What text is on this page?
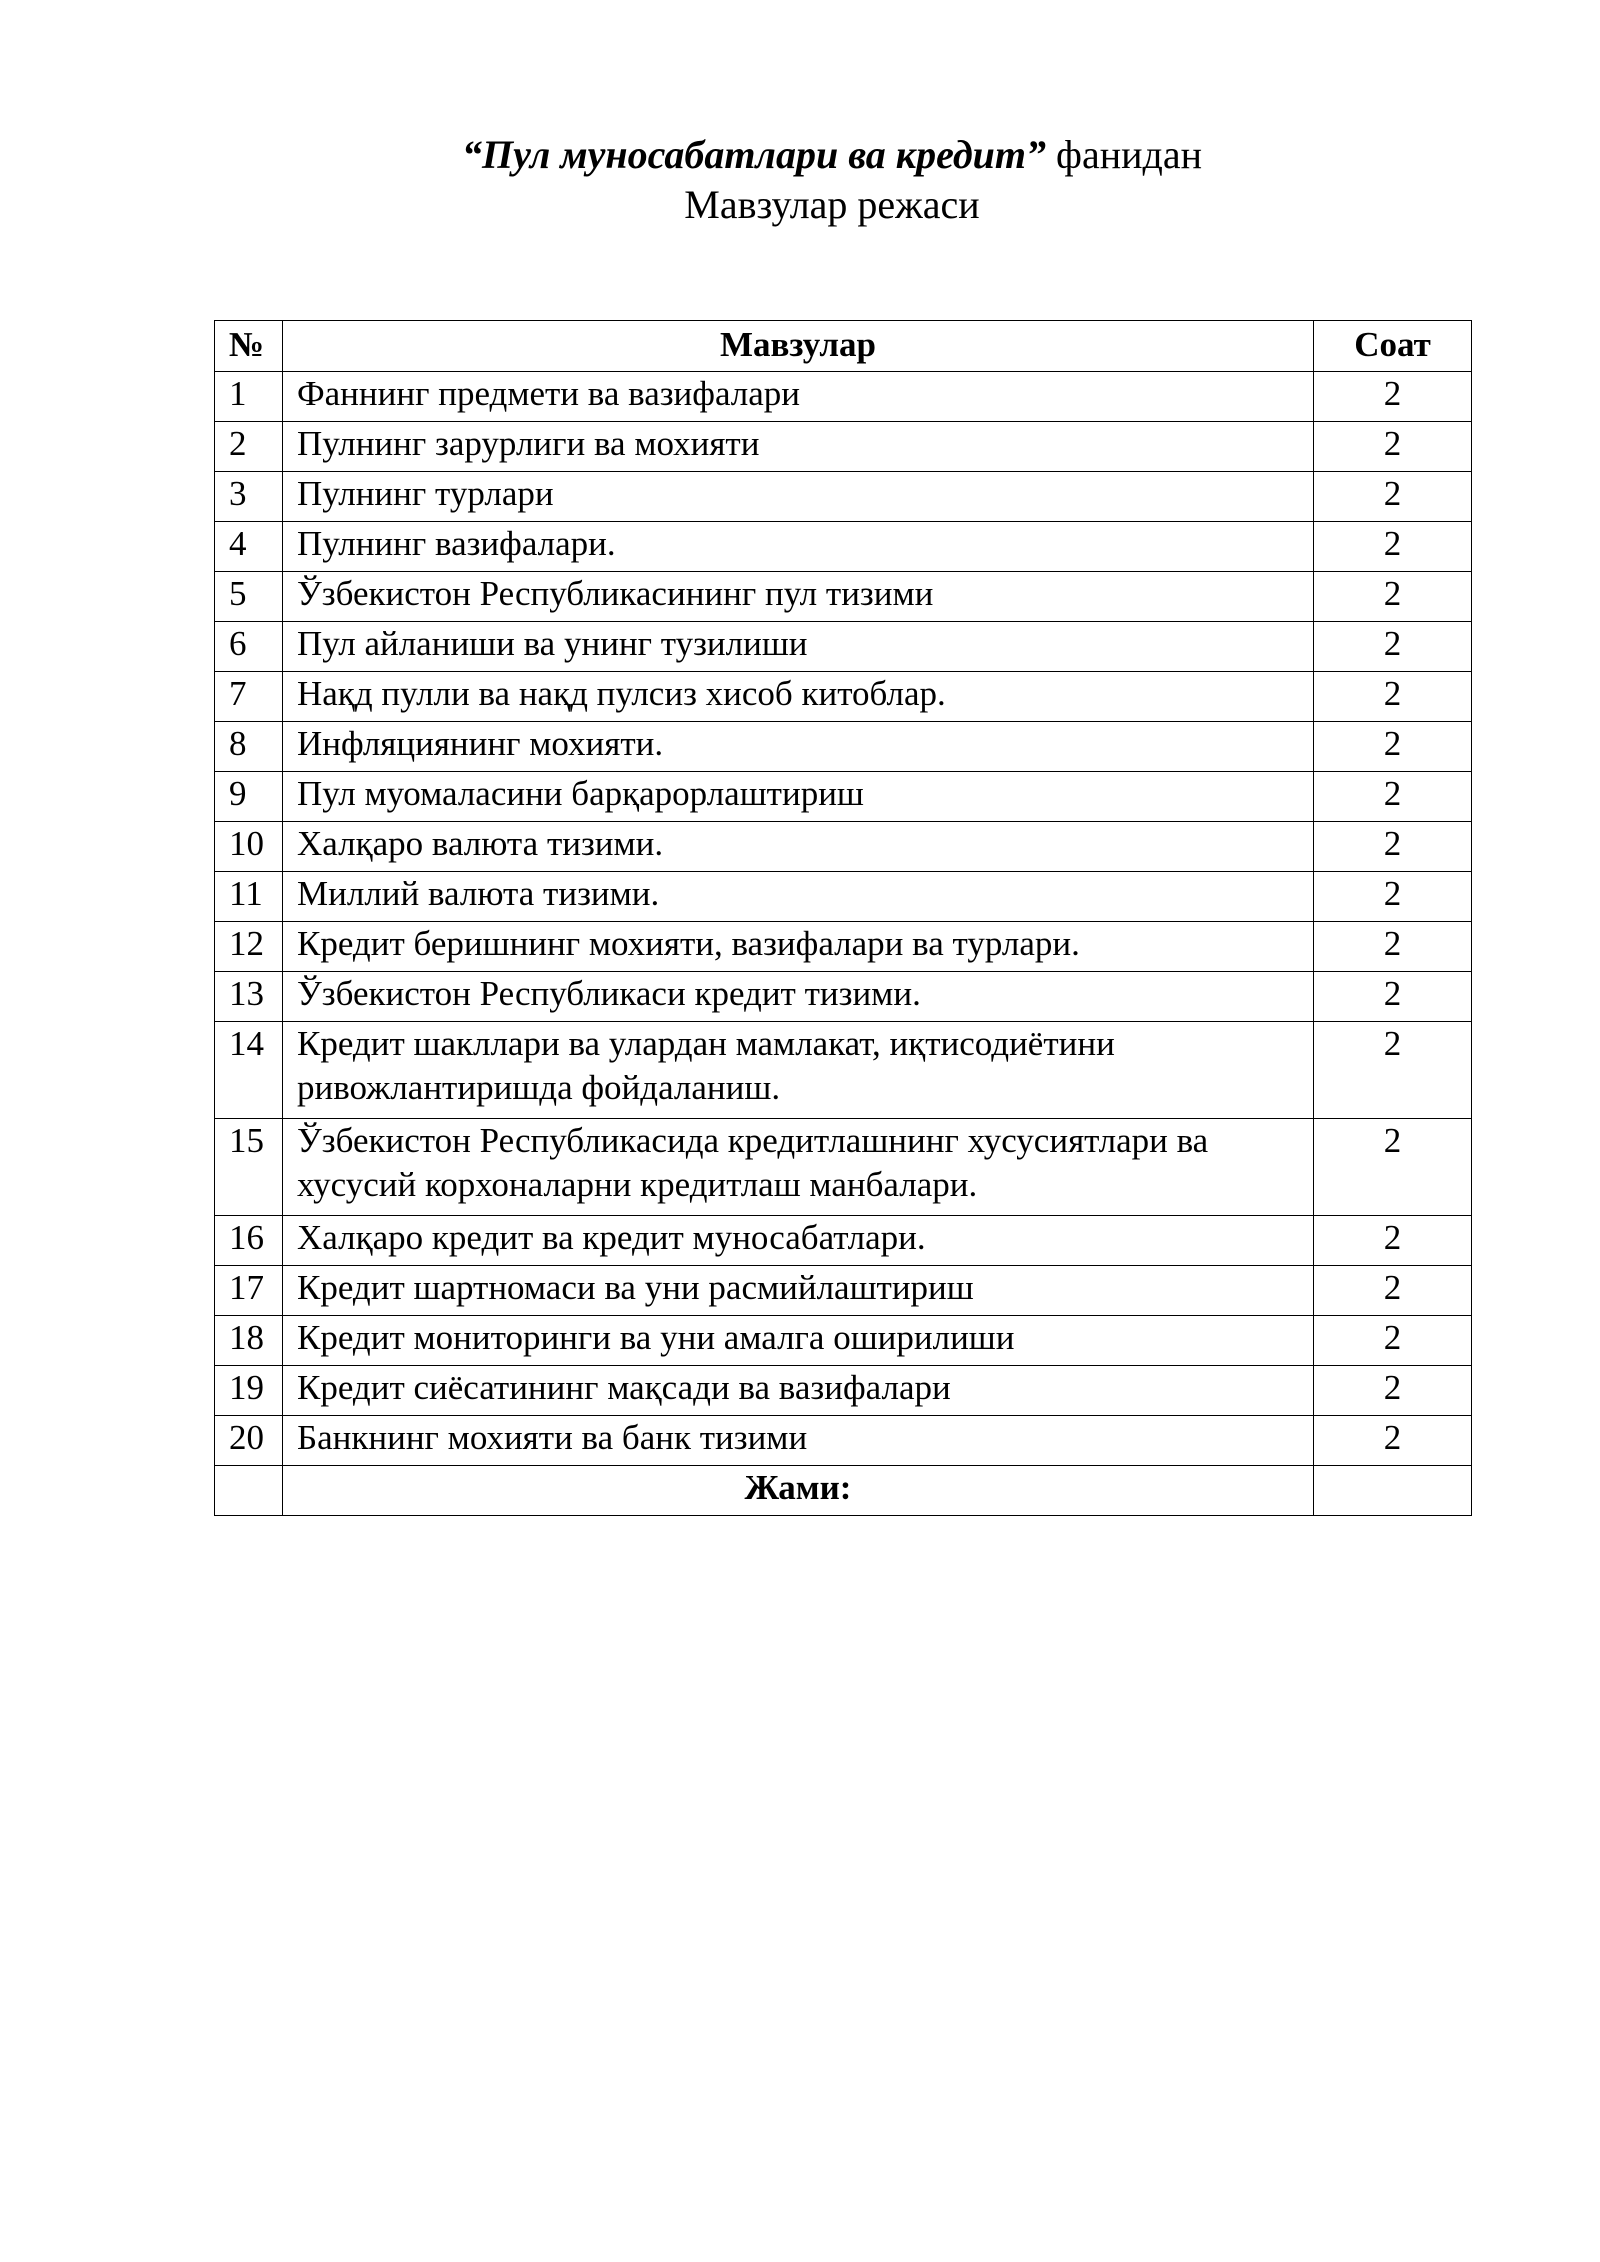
“Пул муносабатлари ва кредит” фанидан
Мавзулар режаси
№	Мавзулар	Соат
1	Фаннинг предмети ва вазифалари	2
2	Пулнинг зарурлиги ва мохияти	2
3	Пулнинг турлари	2
4	Пулнинг вазифалари.	2
5	Ўзбекистон Республикасининг пул тизими	2
6	Пул айланиши ва унинг тузилиши	2
7	Нақд пулли ва нақд пулсиз хисоб китоблар.	2
8	Инфляциянинг мохияти.	2
9	Пул муомаласини барқарорлаштириш	2
10	Халқаро валюта тизими.	2
11	Миллий валюта тизими.	2
12	Кредит беришнинг мохияти, вазифалари ва турлари.	2
13	Ўзбекистон Республикаси кредит тизими.	2
14	Кредит шакллари ва улардан мамлакат, иқтисодиётини ривожлантиришда фойдаланиш.	2
15	Ўзбекистон Республикасида кредитлашнинг хусусиятлари ва хусусий корхоналарни кредитлаш манбалари.	2
16	Халқаро кредит ва кредит муносабатлари.	2
17	Кредит шартномаси ва уни расмийлаштириш	2
18	Кредит мониторинги ва уни амалга оширилиши	2
19	Кредит сиёсатининг мақсади ва вазифалари	2
20	Банкнинг мохияти ва банк тизими	2
	Жами:	
